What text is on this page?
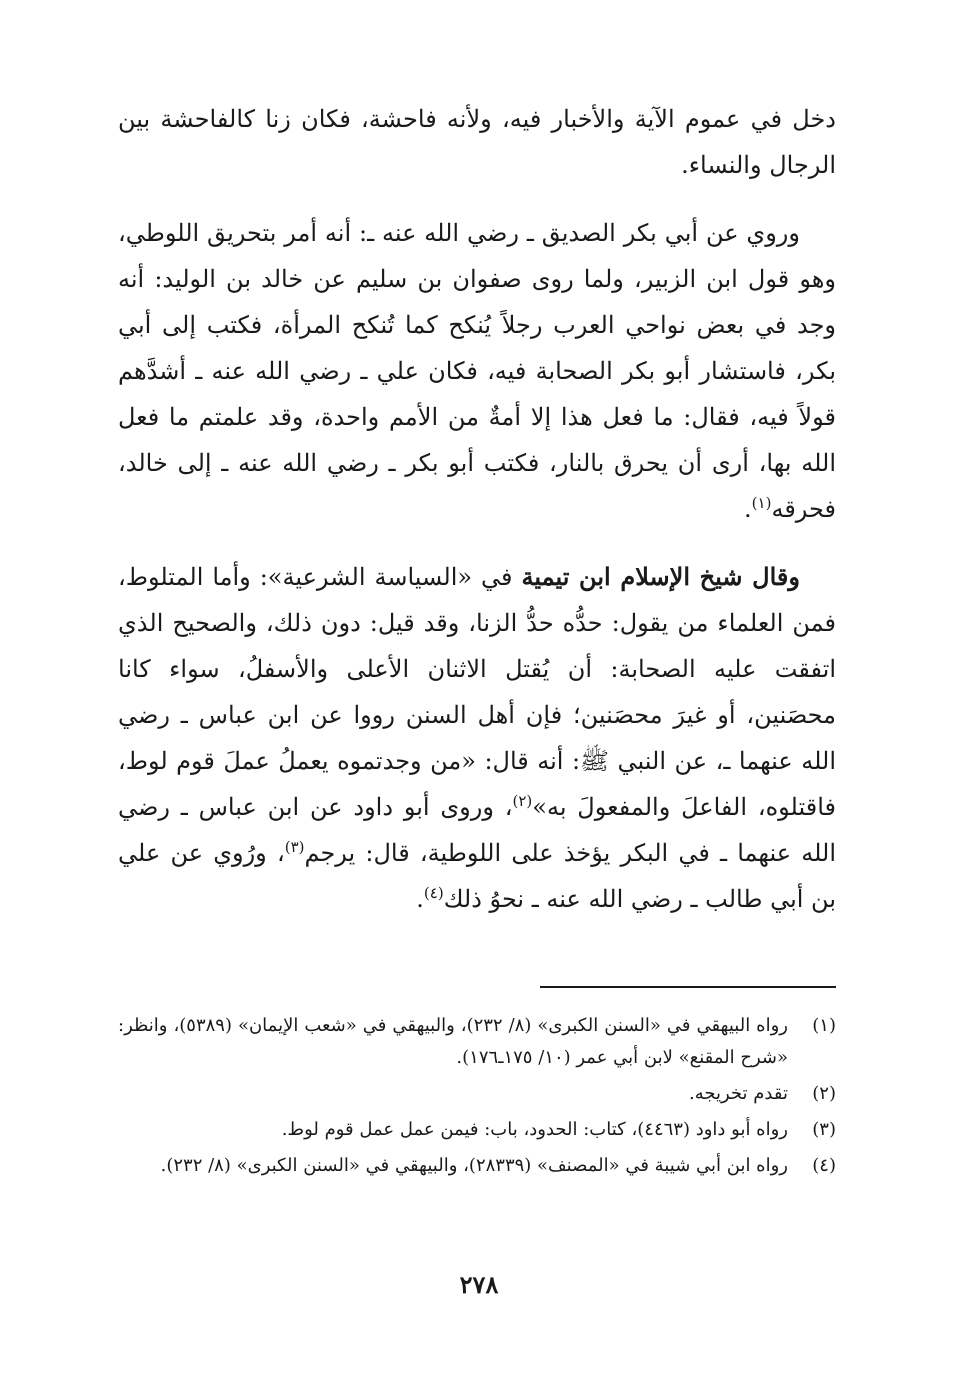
دخل في عموم الآية والأخبار فيه، ولأنه فاحشة، فكان زنا كالفاحشة بين الرجال والنساء.

وروي عن أبي بكر الصديق ـ رضي الله عنه ـ: أنه أمر بتحريق اللوطي، وهو قول ابن الزبير، ولما روى صفوان بن سليم عن خالد بن الوليد: أنه وجد في بعض نواحي العرب رجلاً يُنكح كما تُنكح المرأة، فكتب إلى أبي بكر، فاستشار أبو بكر الصحابة فيه، فكان علي ـ رضي الله عنه ـ أشدَّهم قولاً فيه، فقال: ما فعل هذا إلا أمةٌ من الأمم واحدة، وقد علمتم ما فعل الله بها، أرى أن يحرق بالنار، فكتب أبو بكر ـ رضي الله عنه ـ إلى خالد، فحرقه$^{(١)}$.

وقال شيخ الإسلام ابن تيمية في «السياسة الشرعية»: وأما المتلوط، فمن العلماء من يقول: حدُّه حدُّ الزنا، وقد قيل: دون ذلك، والصحيح الذي اتفقت عليه الصحابة: أن يُقتل الاثنان الأعلى والأسفلُ، سواء كانا محصَنين، أو غيرَ محصَنين؛ فإن أهل السنن رووا عن ابن عباس ـ رضي الله عنهما ـ، عن النبي ﷺ: أنه قال: «من وجدتموه يعملُ عملَ قوم لوط، فاقتلوه، الفاعلَ والمفعولَ به»$^{(٢)}$، وروى أبو داود عن ابن عباس ـ رضي الله عنهما ـ في البكر يؤخذ على اللوطية، قال: يرجم$^{(٣)}$، ورُوي عن علي بن أبي طالب ـ رضي الله عنه ـ نحوُ ذلك$^{(٤)}$.

(١)
رواه البيهقي في «السنن الكبرى» (٨/ ٢٣٢)، والبيهقي في «شعب الإيمان» (٥٣٨٩)، وانظر: «شرح المقنع» لابن أبي عمر (١٠/ ١٧٥ـ١٧٦).
(٢)
تقدم تخريجه.
(٣)
رواه أبو داود (٤٤٦٣)، كتاب: الحدود، باب: فيمن عمل عمل قوم لوط.
(٤)
رواه ابن أبي شيبة في «المصنف» (٢٨٣٣٩)، والبيهقي في «السنن الكبرى» (٨/ ٢٣٢).
٢٧٨
